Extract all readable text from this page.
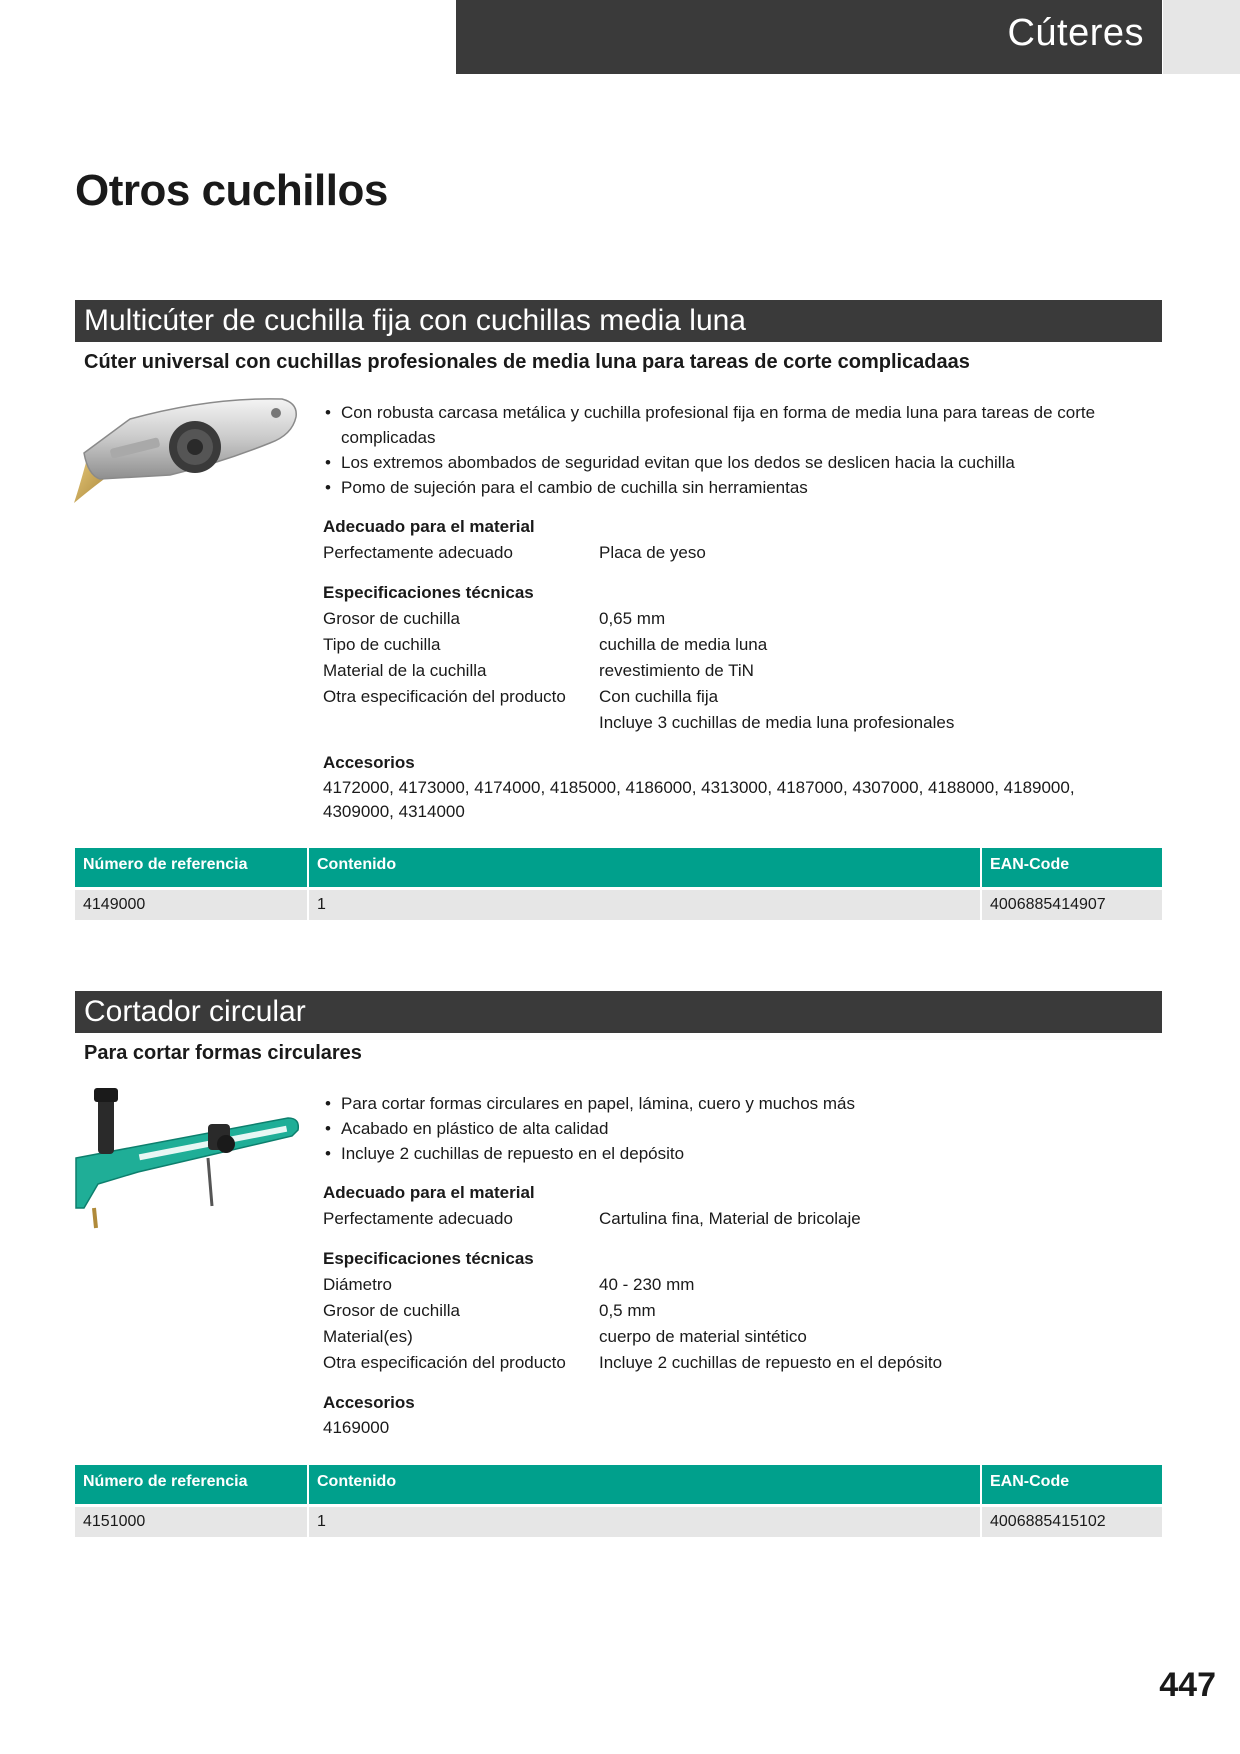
Cúteres
Otros cuchillos
Multicúter de cuchilla fija con cuchillas media luna
Cúter universal con cuchillas profesionales de media luna para tareas de corte complicadaas
• Con robusta carcasa metálica y cuchilla profesional fija en forma de media luna para tareas de corte complicadas
• Los extremos abombados de seguridad evitan que los dedos se deslicen hacia la cuchilla
• Pomo de sujeción para el cambio de cuchilla sin herramientas
Adecuado para el material
Perfectamente adecuado	Placa de yeso
Especificaciones técnicas
Grosor de cuchilla	0,65 mm
Tipo de cuchilla	cuchilla de media luna
Material de la cuchilla	revestimiento de TiN
Otra especificación del producto	Con cuchilla fija
Incluye 3 cuchillas de media luna profesionales
Accesorios
4172000, 4173000, 4174000, 4185000, 4186000, 4313000, 4187000, 4307000, 4188000, 4189000, 4309000, 4314000
Número de referencia	Contenido	EAN-Code
4149000	1	4006885414907
Cortador circular
Para cortar formas circulares
• Para cortar formas circulares en papel, lámina, cuero y muchos más
• Acabado en plástico de alta calidad
• Incluye 2 cuchillas de repuesto en el depósito
Adecuado para el material
Perfectamente adecuado	Cartulina fina, Material de bricolaje
Especificaciones técnicas
Diámetro	40 - 230 mm
Grosor de cuchilla	0,5 mm
Material(es)	cuerpo de material sintético
Otra especificación del producto	Incluye 2 cuchillas de repuesto en el depósito
Accesorios
4169000
Número de referencia	Contenido	EAN-Code
4151000	1	4006885415102
447
